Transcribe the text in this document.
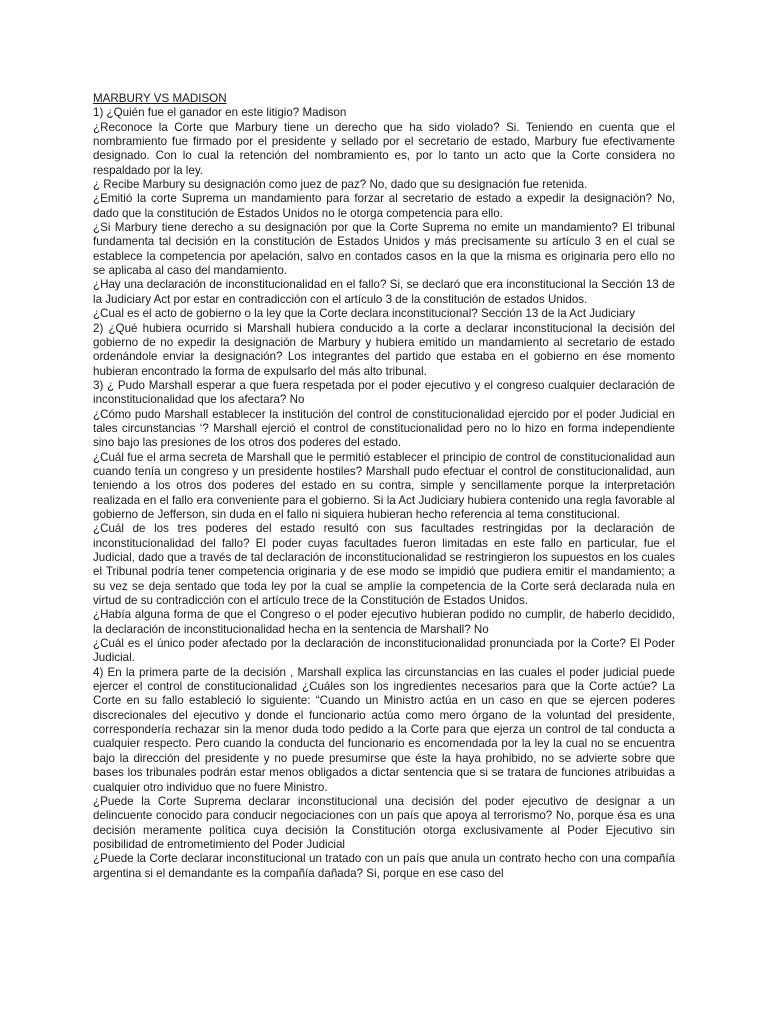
MARBURY VS MADISON

1) ¿Quién fue el ganador en este litigio? Madison

¿Reconoce la Corte que Marbury tiene un derecho que ha sido violado? Si. Teniendo en cuenta que el nombramiento fue firmado por el presidente y sellado por el secretario de estado, Marbury fue efectivamente designado. Con lo cual la retención del nombramiento es, por lo tanto un acto que la Corte considera no respaldado por la ley.

¿ Recibe Marbury su designación como juez de paz? No, dado que su designación fue retenida.

¿Emitió la corte Suprema un mandamiento para forzar al secretario de estado a expedir la designación? No, dado que la constitución de Estados Unidos no le otorga competencia para ello.

¿Si Marbury tiene derecho a su designación por que la Corte Suprema no emite un mandamiento? El tribunal fundamenta tal decisión en la constitución de Estados Unidos y más precisamente su artículo 3 en el cual se establece la competencia por apelación, salvo en contados casos en la que la misma es originaria pero ello no se aplicaba al caso del mandamiento.

¿Hay una declaración de inconstitucionalidad en el fallo? Si, se declaró que era inconstitucional la Sección 13 de la Judiciary Act por estar en contradicción con el artículo 3 de la constitución de estados Unidos.

¿Cual es el acto de gobierno o la ley que la Corte declara inconstitucional? Sección 13 de la Act Judiciary

2) ¿Qué hubiera ocurrido si Marshall hubiera conducido a la corte a declarar inconstitucional la decisión del gobierno de no expedir la designación de Marbury y hubiera emitido un mandamiento al secretario de estado ordenándole enviar la designación? Los integrantes del partido que estaba en el gobierno en ése momento hubieran encontrado la forma de expulsarlo del más alto tribunal.

3) ¿ Pudo Marshall esperar a que fuera respetada por el poder ejecutivo y el congreso cualquier declaración de inconstitucionalidad que los afectara? No

¿Cómo pudo Marshall establecer la institución del control de constitucionalidad ejercido por el poder Judicial en tales circunstancias ‘? Marshall ejerció el control de constitucionalidad pero no lo hizo en forma independiente sino bajo las presiones de los otros dos poderes del estado.

¿Cuál fue el arma secreta de Marshall que le permitió establecer el principio de control de constitucionalidad aun cuando tenía un congreso y un presidente hostiles? Marshall pudo efectuar el control de constitucionalidad, aun teniendo a los otros dos poderes del estado en su contra, simple y sencillamente porque la interpretación realizada en el fallo era conveniente para el gobierno. Si la Act Judiciary hubiera contenido una regla favorable al gobierno de Jefferson, sin duda en el fallo ni siquiera hubieran hecho referencia al tema constitucional.

¿Cuál de los tres poderes del estado resultó con sus facultades restringidas por la declaración de inconstitucionalidad del fallo? El poder cuyas facultades fueron limitadas en este fallo en particular, fue el Judicial, dado que a través de tal declaración de inconstitucionalidad se restringieron los supuestos en los cuales el Tribunal podría tener competencia originaria y de ese modo se impidió que pudiera emitir el mandamiento; a su vez se deja sentado que toda ley por la cual se amplíe la competencia de la Corte será declarada nula en virtud de su contradicción con el artículo trece de la Constitución de Estados Unidos.

¿Había alguna forma de que el Congreso o el poder ejecutivo hubieran podido no cumplir, de haberlo decidido, la declaración de inconstitucionalidad hecha en la sentencia de Marshall? No

¿Cuál es el único poder afectado por la declaración de inconstitucionalidad pronunciada por la Corte? El Poder Judicial.

4) En la primera parte de la decisión , Marshall explica las circunstancias en las cuales el poder judicial puede ejercer el control de constitucionalidad ¿Cuáles son los ingredientes necesarios para que la Corte actúe? La Corte en su fallo estableció lo siguiente: “Cuando un Ministro actúa en un caso en que se ejercen poderes discrecionales del ejecutivo y donde el funcionario actúa como mero órgano de la voluntad del presidente, correspondería rechazar sin la menor duda todo pedido a la Corte para que ejerza un control de tal conducta a cualquier respecto. Pero cuando la conducta del funcionario es encomendada por la ley la cual no se encuentra bajo la dirección del presidente y no puede presumirse que éste la haya prohibido, no se advierte sobre que bases los tribunales podrán estar menos obligados a dictar sentencia que si se tratara de funciones atribuidas a cualquier otro individuo que no fuere Ministro.

¿Puede la Corte Suprema declarar inconstitucional una decisión del poder ejecutivo de designar a un delincuente conocido para conducir negociaciones con un país que apoya al terrorismo? No, porque ésa es una decisión meramente política cuya decisión la Constitución otorga exclusivamente al Poder Ejecutivo sin posibilidad de entrometimiento del Poder Judicial

¿Puede la Corte declarar inconstitucional un tratado con un país que anula un contrato hecho con una compañía argentina si el demandante es la compañía dañada? Si, porque en ese caso del
